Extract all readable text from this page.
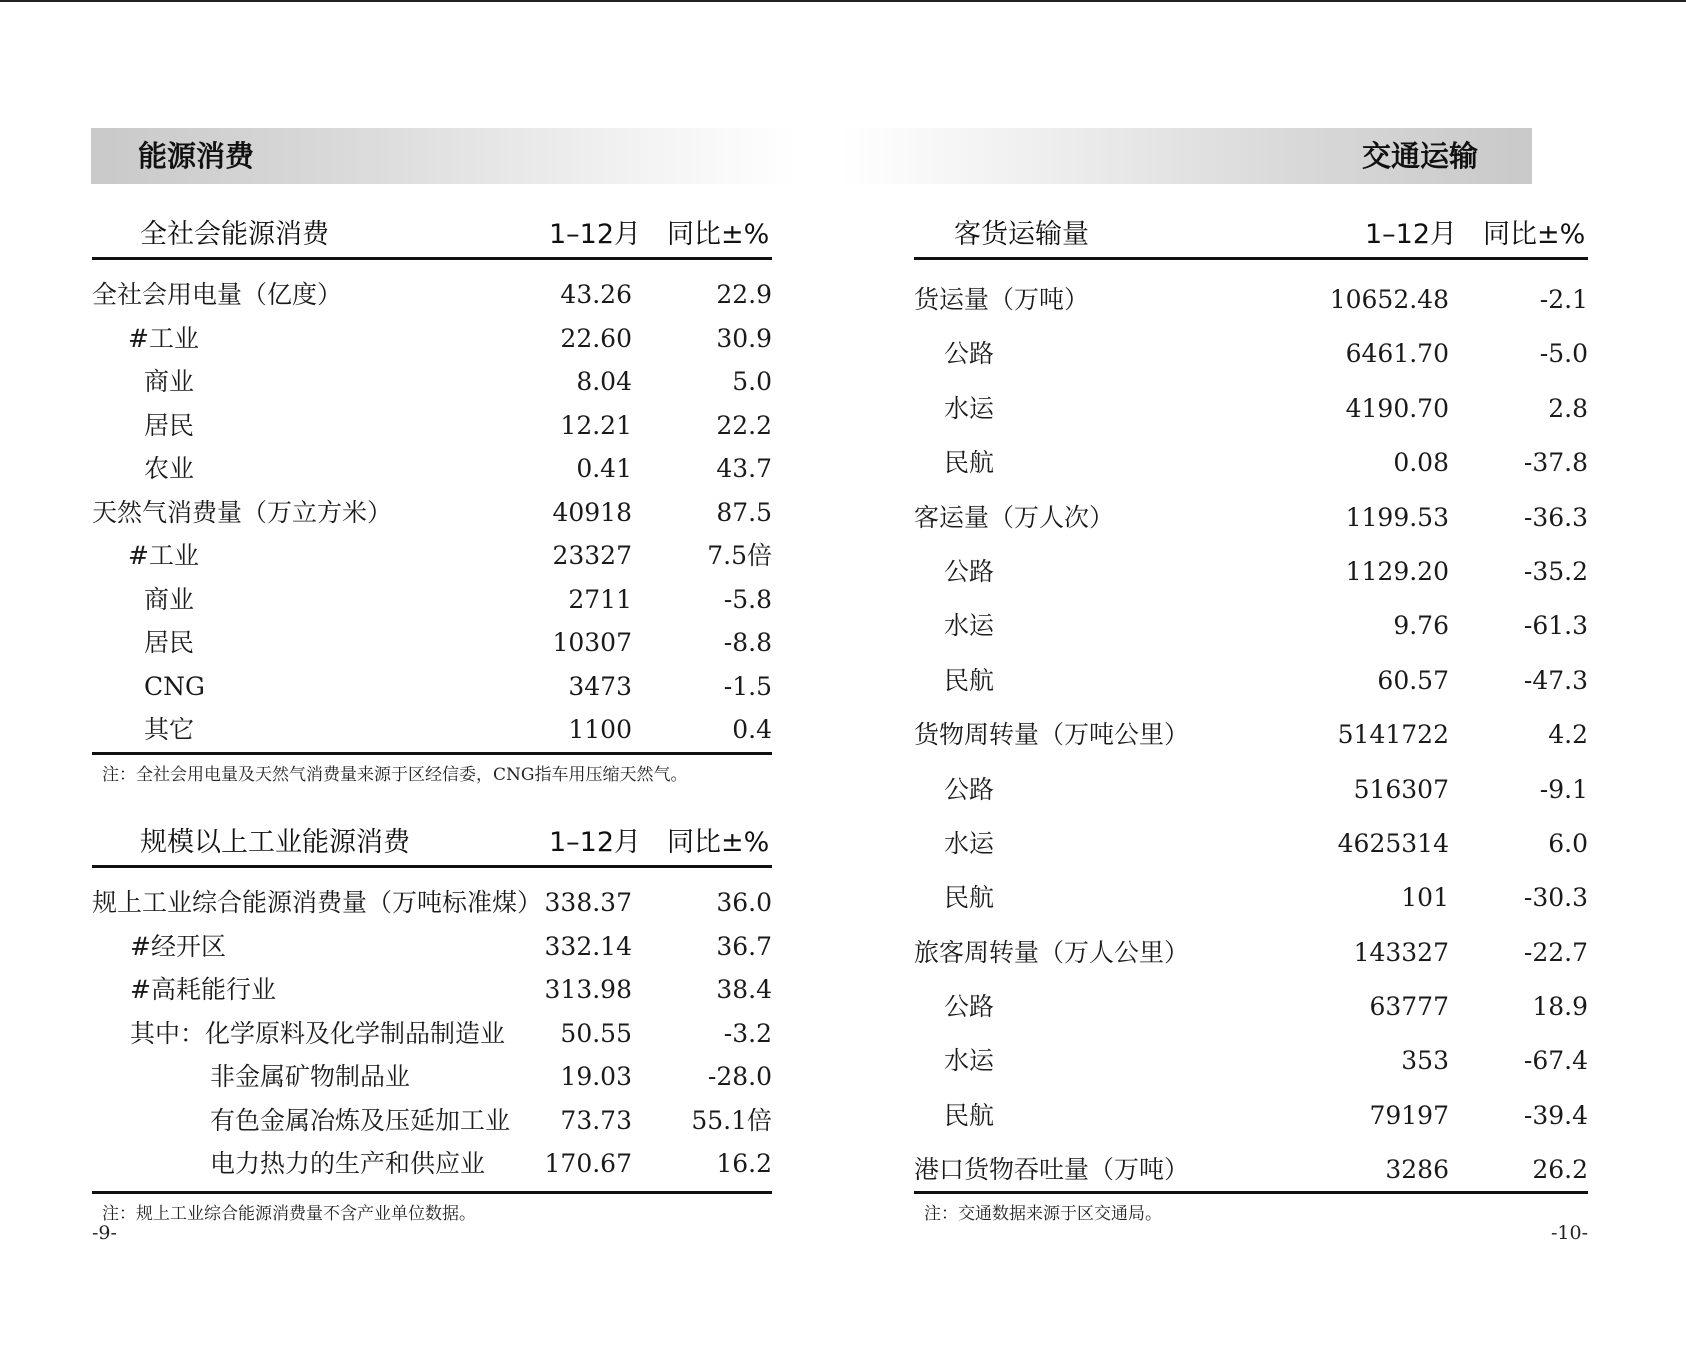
能源消费
全社会能源消费	1–12月 同比±%
全社会用电量（亿度）	43.26	22.9
#工业	22.60	30.9
商业	8.04	5.0
居民	12.21	22.2
农业	0.41	43.7
天然气消费量（万立方米）	40918	87.5
#工业	23327	7.5倍
商业	2711	-5.8
居民	10307	-8.8
CNG	3473	-1.5
其它	1100	0.4
注：全社会用电量及天然气消费量来源于区经信委，CNG指车用压缩天然气。
规模以上工业能源消费	1–12月 同比±%
规上工业综合能源消费量（万吨标准煤） 338.37	36.0
#经开区	332.14	36.7
#高耗能行业	313.98	38.4
其中：化学原料及化学制品制造业 50.55	-3.2
非金属矿物制品业	19.03	-28.0
有色金属冶炼及压延加工业 73.73 55.1倍
电力热力的生产和供应业 170.67	16.2
注：规上工业综合能源消费量不含产业单位数据。
-9-
交通运输
客货运输量	1–12月 同比±%
货运量（万吨）	10652.48	-2.1
公路	6461.70	-5.0
水运	4190.70	2.8
民航	0.08	-37.8
客运量（万人次）	1199.53	-36.3
公路	1129.20	-35.2
水运	9.76	-61.3
民航	60.57	-47.3
货物周转量（万吨公里）	5141722	4.2
公路	516307	-9.1
水运	4625314	6.0
民航	101	-30.3
旅客周转量（万人公里）	143327	-22.7
公路	63777	18.9
水运	353	-67.4
民航	79197	-39.4
港口货物吞吐量（万吨）	3286	26.2
注：交通数据来源于区交通局。
-10-
